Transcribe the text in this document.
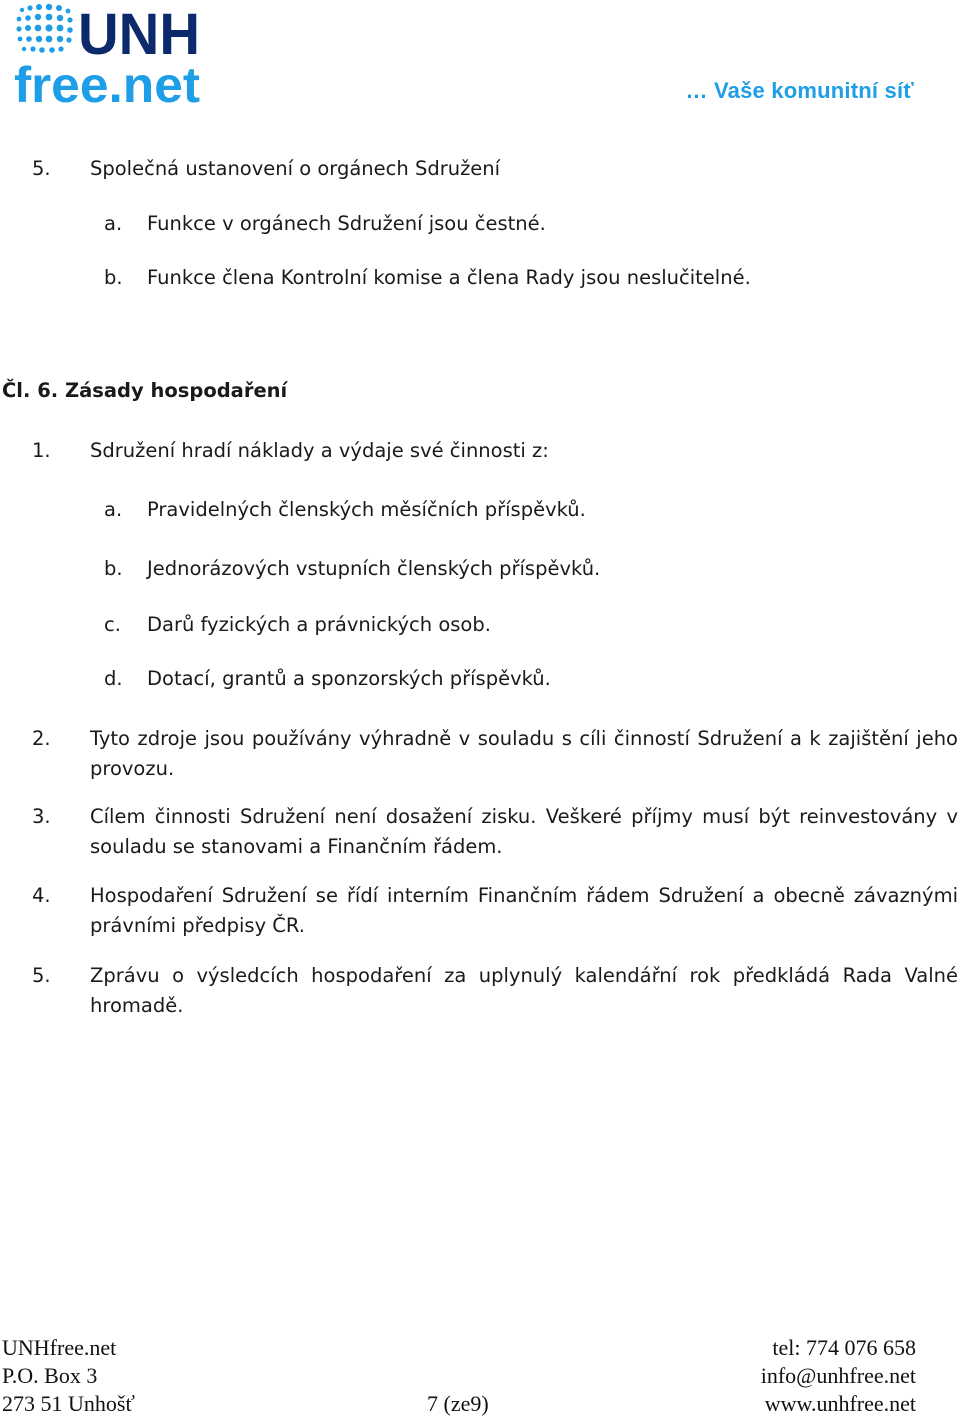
UNH
free.net	… Vaše komunitní síť
5. Společná ustanovení o orgánech Sdružení
a. Funkce v orgánech Sdružení jsou čestné.
b. Funkce člena Kontrolní komise a člena Rady jsou neslučitelné.
Čl. 6. Zásady hospodaření
1. Sdružení hradí náklady a výdaje své činnosti z:
a. Pravidelných členských měsíčních příspěvků.
b. Jednorázových vstupních členských příspěvků.
c. Darů fyzických a právnických osob.
d. Dotací, grantů a sponzorských příspěvků.
2. Tyto zdroje jsou používány výhradně v souladu s cíli činností Sdružení a k zajištění jeho provozu.
3. Cílem činnosti Sdružení není dosažení zisku. Veškeré příjmy musí být reinvestovány v souladu se stanovami a Finančním řádem.
4. Hospodaření Sdružení se řídí interním Finančním řádem Sdružení a obecně závaznými právními předpisy ČR.
5. Zprávu o výsledcích hospodaření za uplynulý kalendářní rok předkládá Rada Valné hromadě.
UNHfree.net
P.O. Box 3
273 51 Unhošť	7 (ze9)
tel: 774 076 658
info@unhfree.net
www.unhfree.net
